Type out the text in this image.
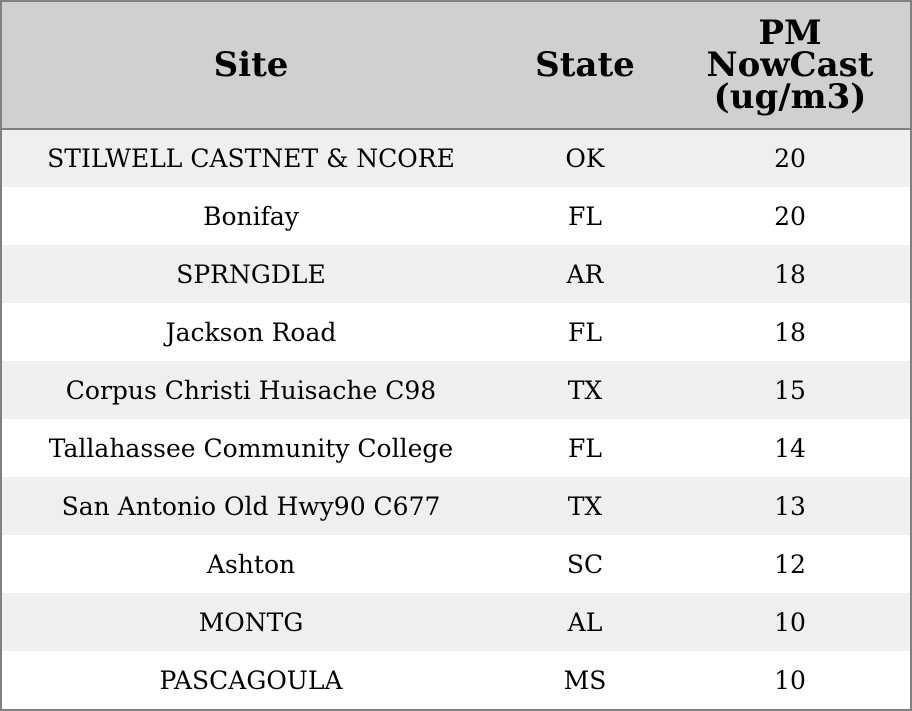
Site	State	PM
NowCast
(ug/m3)

STILWELL CASTNET & NCORE	OK	20
Bonifay	FL	20
SPRNGDLE	AR	18
Jackson Road	FL	18
Corpus Christi Huisache C98	TX	15
Tallahassee Community College	FL	14
San Antonio Old Hwy90 C677	TX	13
Ashton	SC	12
MONTG	AL	10
PASCAGOULA	MS	10
